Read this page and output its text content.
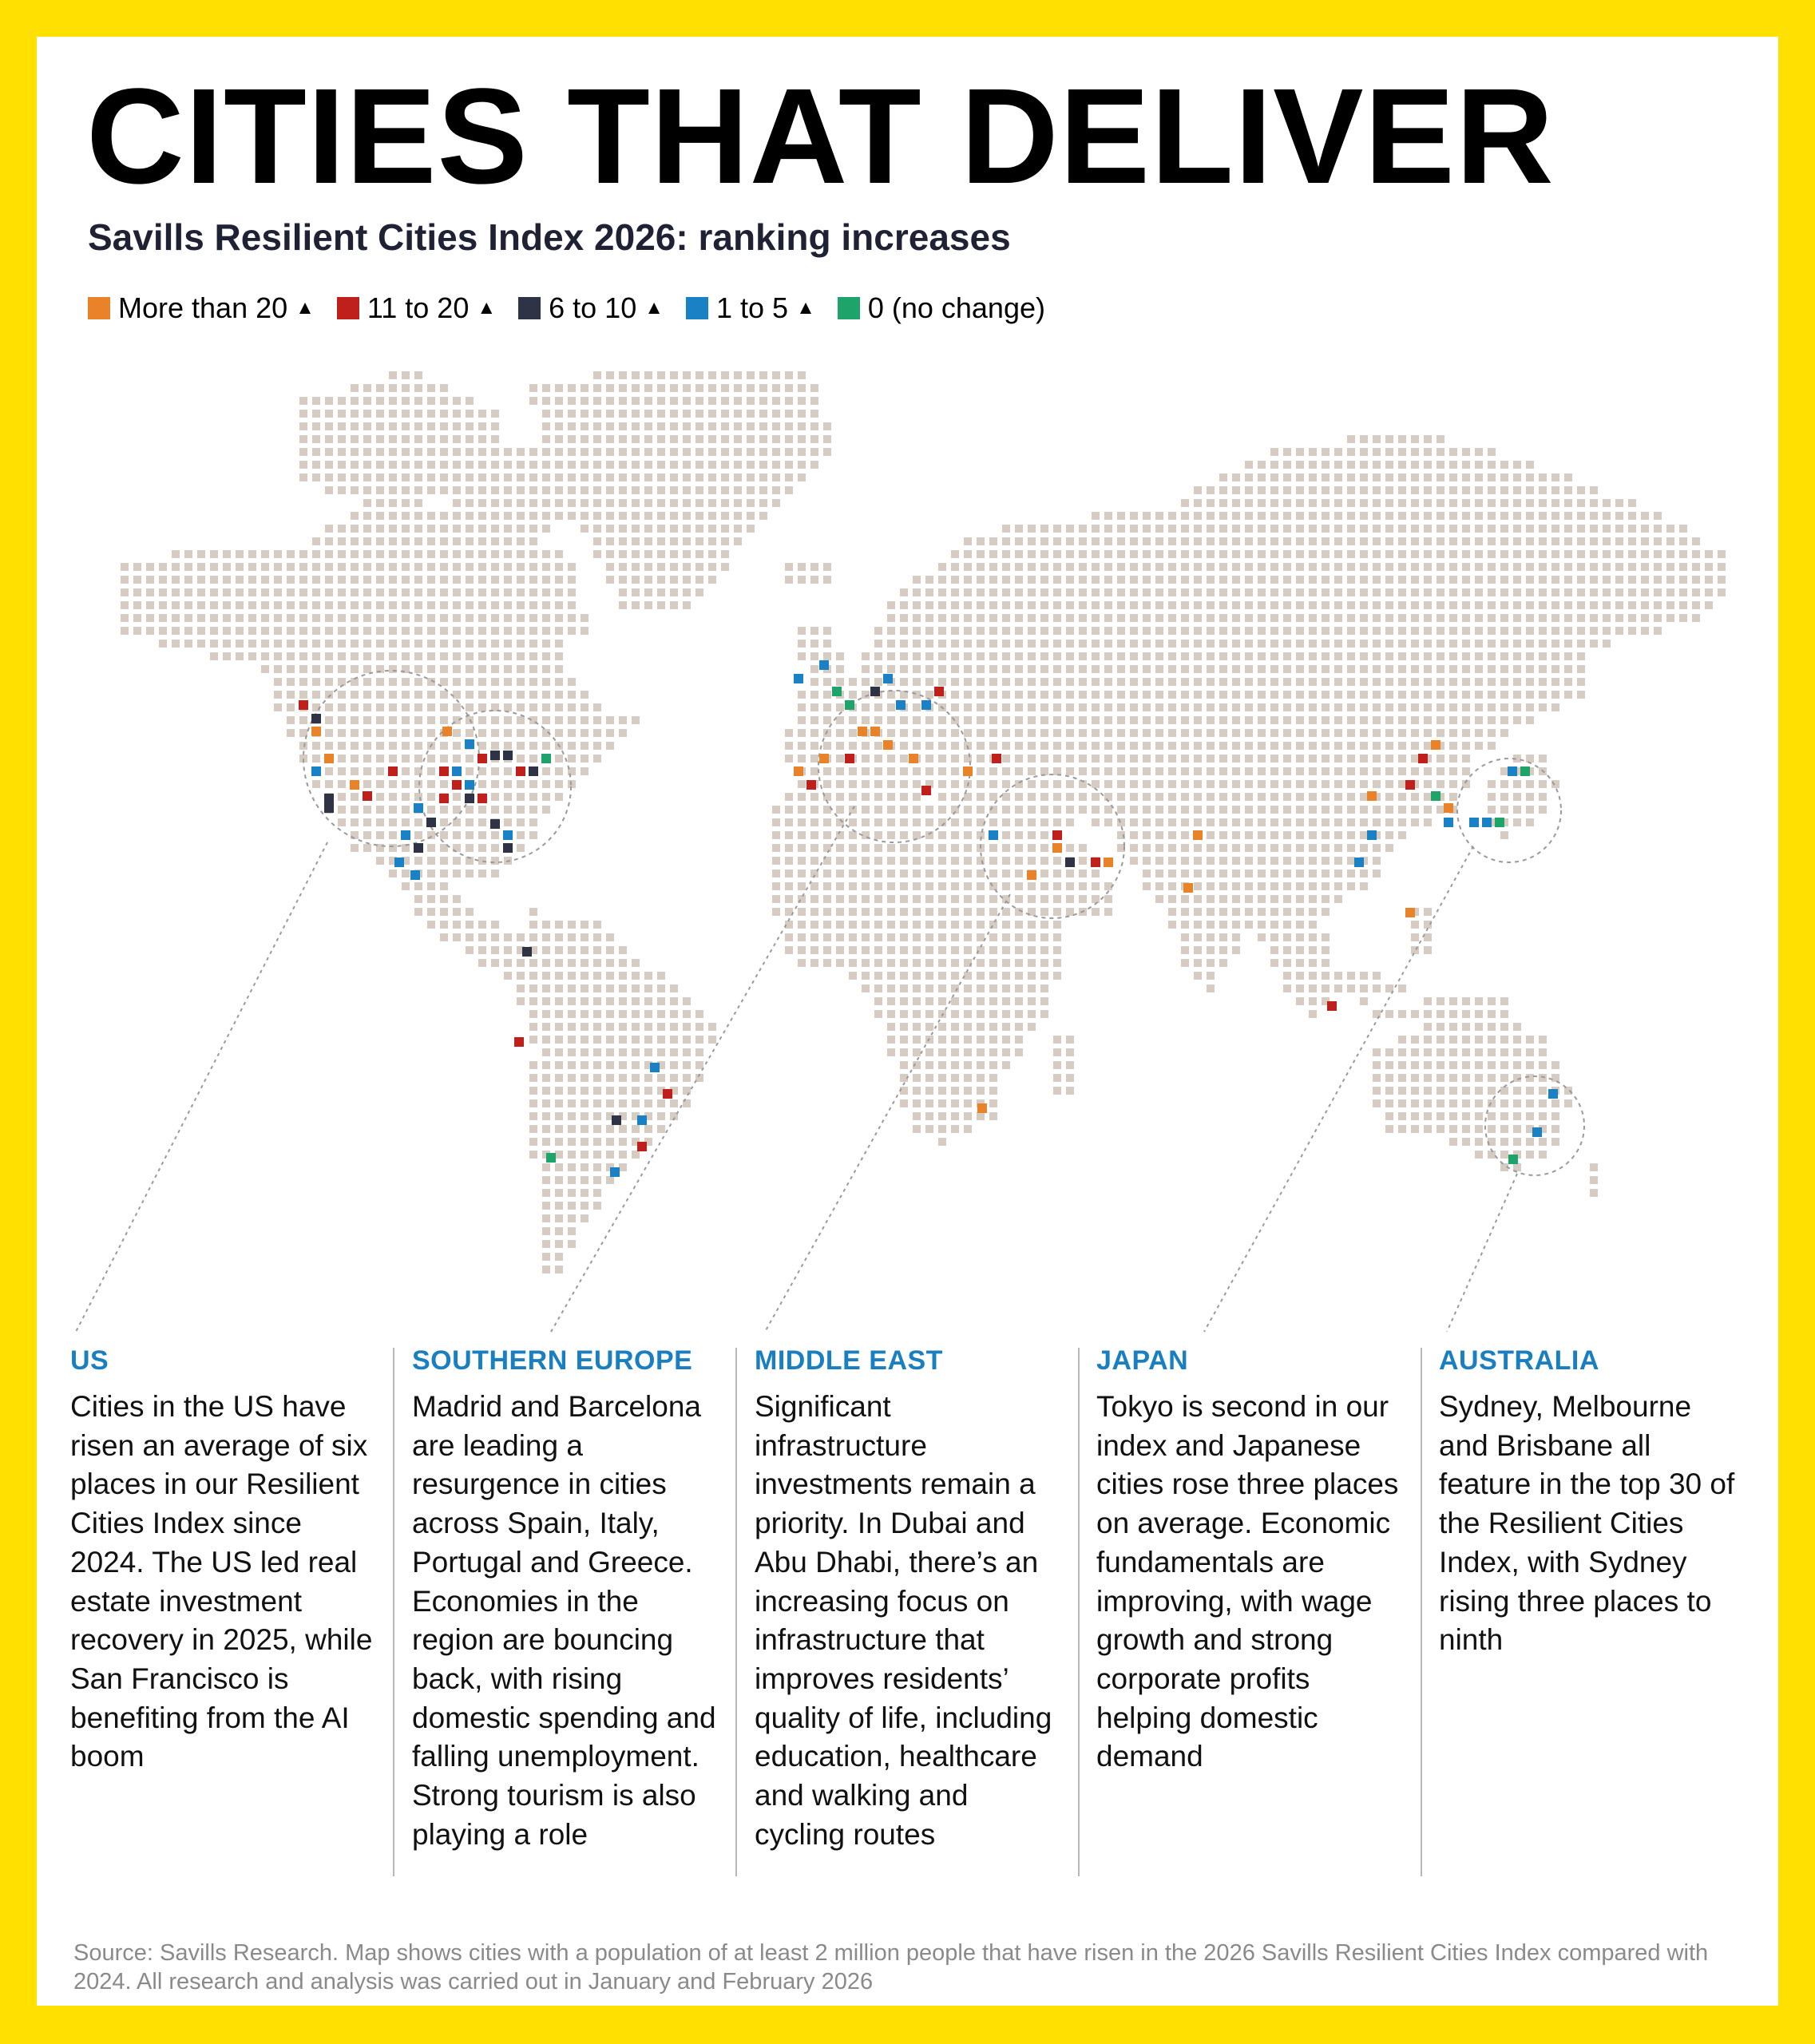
CITIES THAT DELIVER
Savills Resilient Cities Index 2026: ranking increases
More than 20 ▲ 11 to 20 ▲ 6 to 10 ▲ 1 to 5 ▲ 0 (no change)

US

Cities in the US have risen an average of six places in our Resilient Cities Index since 2024. The US led real estate investment recovery in 2025, while San Francisco is benefiting from the AI boom

SOUTHERN EUROPE

Madrid and Barcelona are leading a resurgence in cities across Spain, Italy, Portugal and Greece. Economies in the region are bouncing back, with rising domestic spending and falling unemployment. Strong tourism is also playing a role

MIDDLE EAST

Significant infrastructure investments remain a priority. In Dubai and Abu Dhabi, there’s an increasing focus on infrastructure that improves residents’ quality of life, including education, healthcare and walking and cycling routes

JAPAN

Tokyo is second in our index and Japanese cities rose three places on average. Economic fundamentals are improving, with wage growth and strong corporate profits helping domestic demand

AUSTRALIA

Sydney, Melbourne and Brisbane all feature in the top 30 of the Resilient Cities Index, with Sydney rising three places to ninth

Source: Savills Research. Map shows cities with a population of at least 2 million people that have risen in the 2026 Savills Resilient Cities Index compared with 2024. All research and analysis was carried out in January and February 2026
